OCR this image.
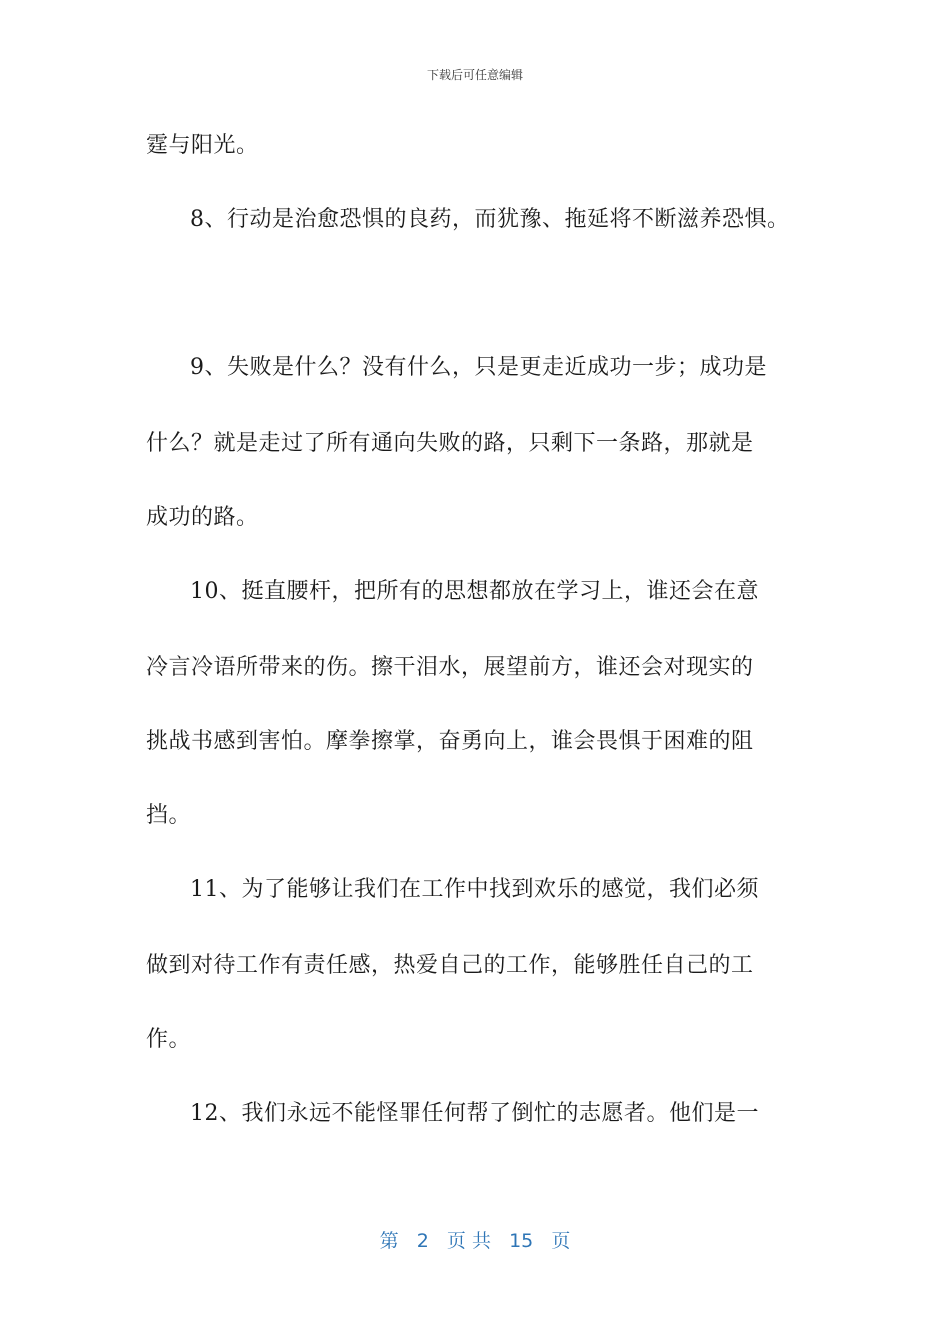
下载后可任意编辑
霆与阳光。
8、行动是治愈恐惧的良药，而犹豫、拖延将不断滋养恐惧。
9、失败是什么？没有什么，只是更走近成功一步；成功是
什么？就是走过了所有通向失败的路，只剩下一条路，那就是
成功的路。
10、挺直腰杆，把所有的思想都放在学习上，谁还会在意
冷言冷语所带来的伤。擦干泪水，展望前方，谁还会对现实的
挑战书感到害怕。摩拳擦掌，奋勇向上，谁会畏惧于困难的阻
挡。
11、为了能够让我们在工作中找到欢乐的感觉，我们必须
做到对待工作有责任感，热爱自己的工作，能够胜任自己的工
作。
12、我们永远不能怪罪任何帮了倒忙的志愿者。他们是一
第 2 页 共 15 页
